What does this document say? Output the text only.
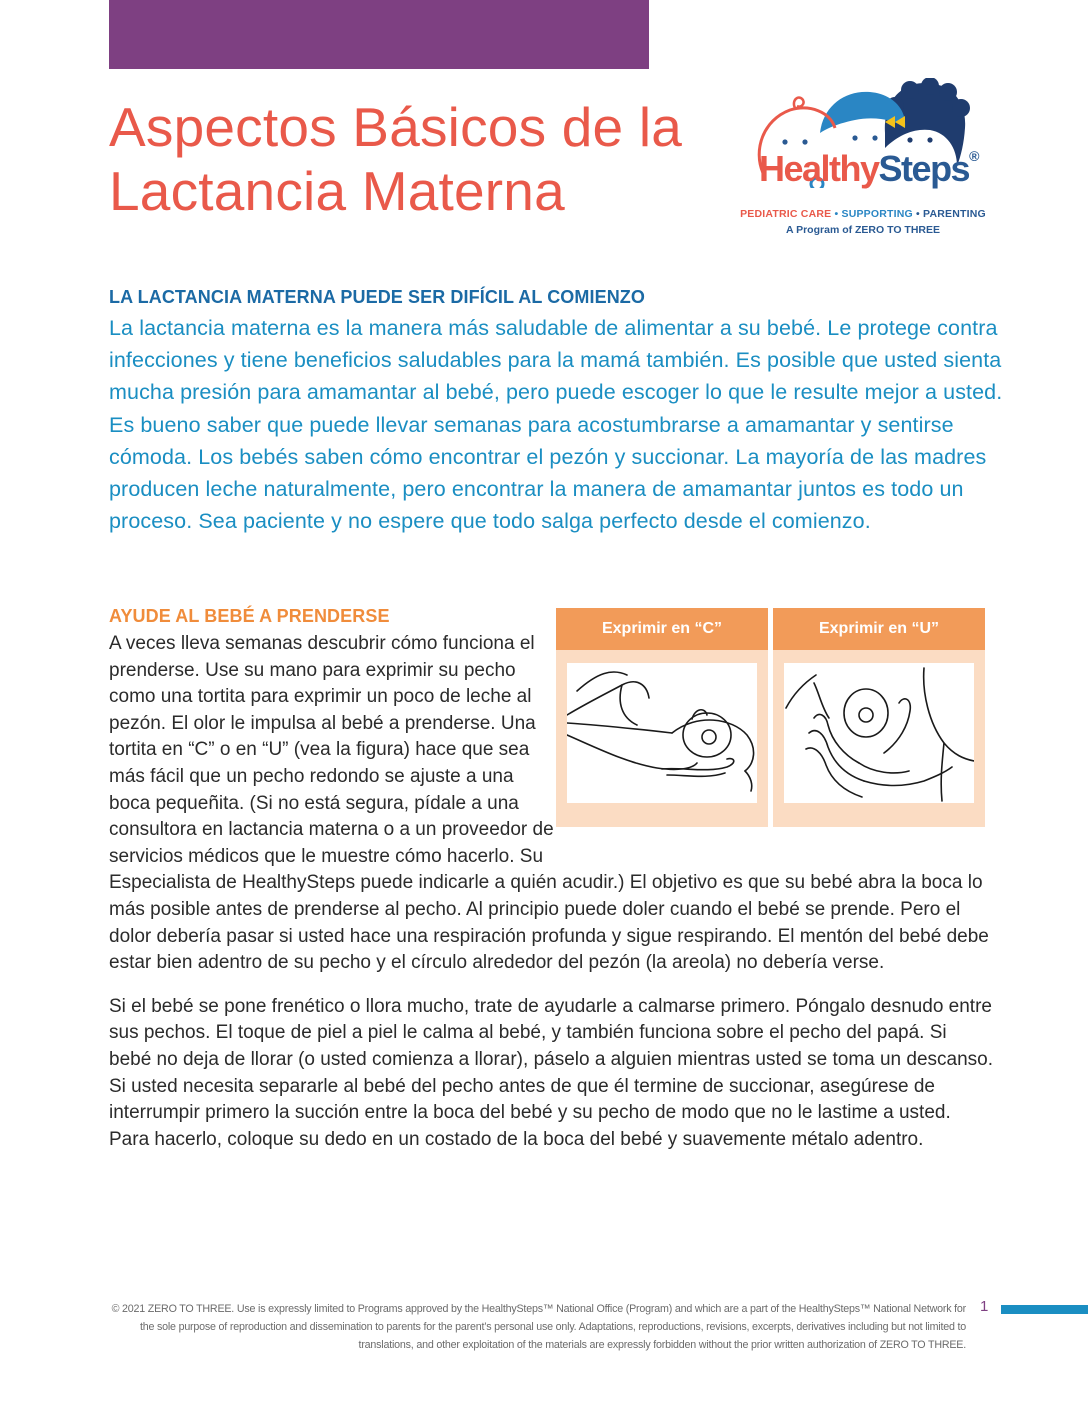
Aspectos Básicos de la Lactancia Materna	HealthySteps®
PEDIATRIC CARE • SUPPORTING • PARENTING
A Program of ZERO TO THREE
LA LACTANCIA MATERNA PUEDE SER DIFÍCIL AL COMIENZO

La lactancia materna es la manera más saludable de alimentar a su bebé. Le protege contra infecciones y tiene beneficios saludables para la mamá también. Es posible que usted sienta mucha presión para amamantar al bebé, pero puede escoger lo que le resulte mejor a usted. Es bueno saber que puede llevar semanas para acostumbrarse a amamantar y sentirse cómoda. Los bebés saben cómo encontrar el pezón y succionar. La mayoría de las madres producen leche naturalmente, pero encontrar la manera de amamantar juntos es todo un proceso. Sea paciente y no espere que todo salga perfecto desde el comienzo.

AYUDE AL BEBÉ A PRENDERSE

A veces lleva semanas descubrir cómo funciona el prenderse. Use su mano para exprimir su pecho como una tortita para exprimir un poco de leche al pezón. El olor le impulsa al bebé a prenderse. Una tortita en “C” o en “U” (vea la figura) hace que sea más fácil que un pecho redondo se ajuste a una boca pequeñita. (Si no está segura, pídale a una consultora en lactancia materna o a un proveedor de servicios médicos que le muestre cómo hacerlo. Su Especialista de HealthySteps puede indicarle a quién acudir.) El objetivo es que su bebé abra la boca lo más posible antes de prenderse al pecho. Al principio puede doler cuando el bebé se prende. Pero el dolor debería pasar si usted hace una respiración profunda y sigue respirando. El mentón del bebé debe estar bien adentro de su pecho y el círculo alrededor del pezón (la areola) no debería verse.

Si el bebé se pone frenético o llora mucho, trate de ayudarle a calmarse primero. Póngalo desnudo entre sus pechos. El toque de piel a piel le calma al bebé, y también funciona sobre el pecho del papá. Si bebé no deja de llorar (o usted comienza a llorar), páselo a alguien mientras usted se toma un descanso. Si usted necesita separarle al bebé del pecho antes de que él termine de succionar, asegúrese de interrumpir primero la succión entre la boca del bebé y su pecho de modo que no le lastime a usted. Para hacerlo, coloque su dedo en un costado de la boca del bebé y suavemente métalo adentro.

Exprimir en “C”	Exprimir en “U”

© 2021 ZERO TO THREE. Use is expressly limited to Programs approved by the HealthySteps™ National Office (Program) and which are a part of the HealthySteps™ National Network for the sole purpose of reproduction and dissemination to parents for the parent’s personal use only. Adaptations, reproductions, revisions, excerpts, derivatives including but not limited to translations, and other exploitation of the materials are expressly forbidden without the prior written authorization of ZERO TO THREE.

1
